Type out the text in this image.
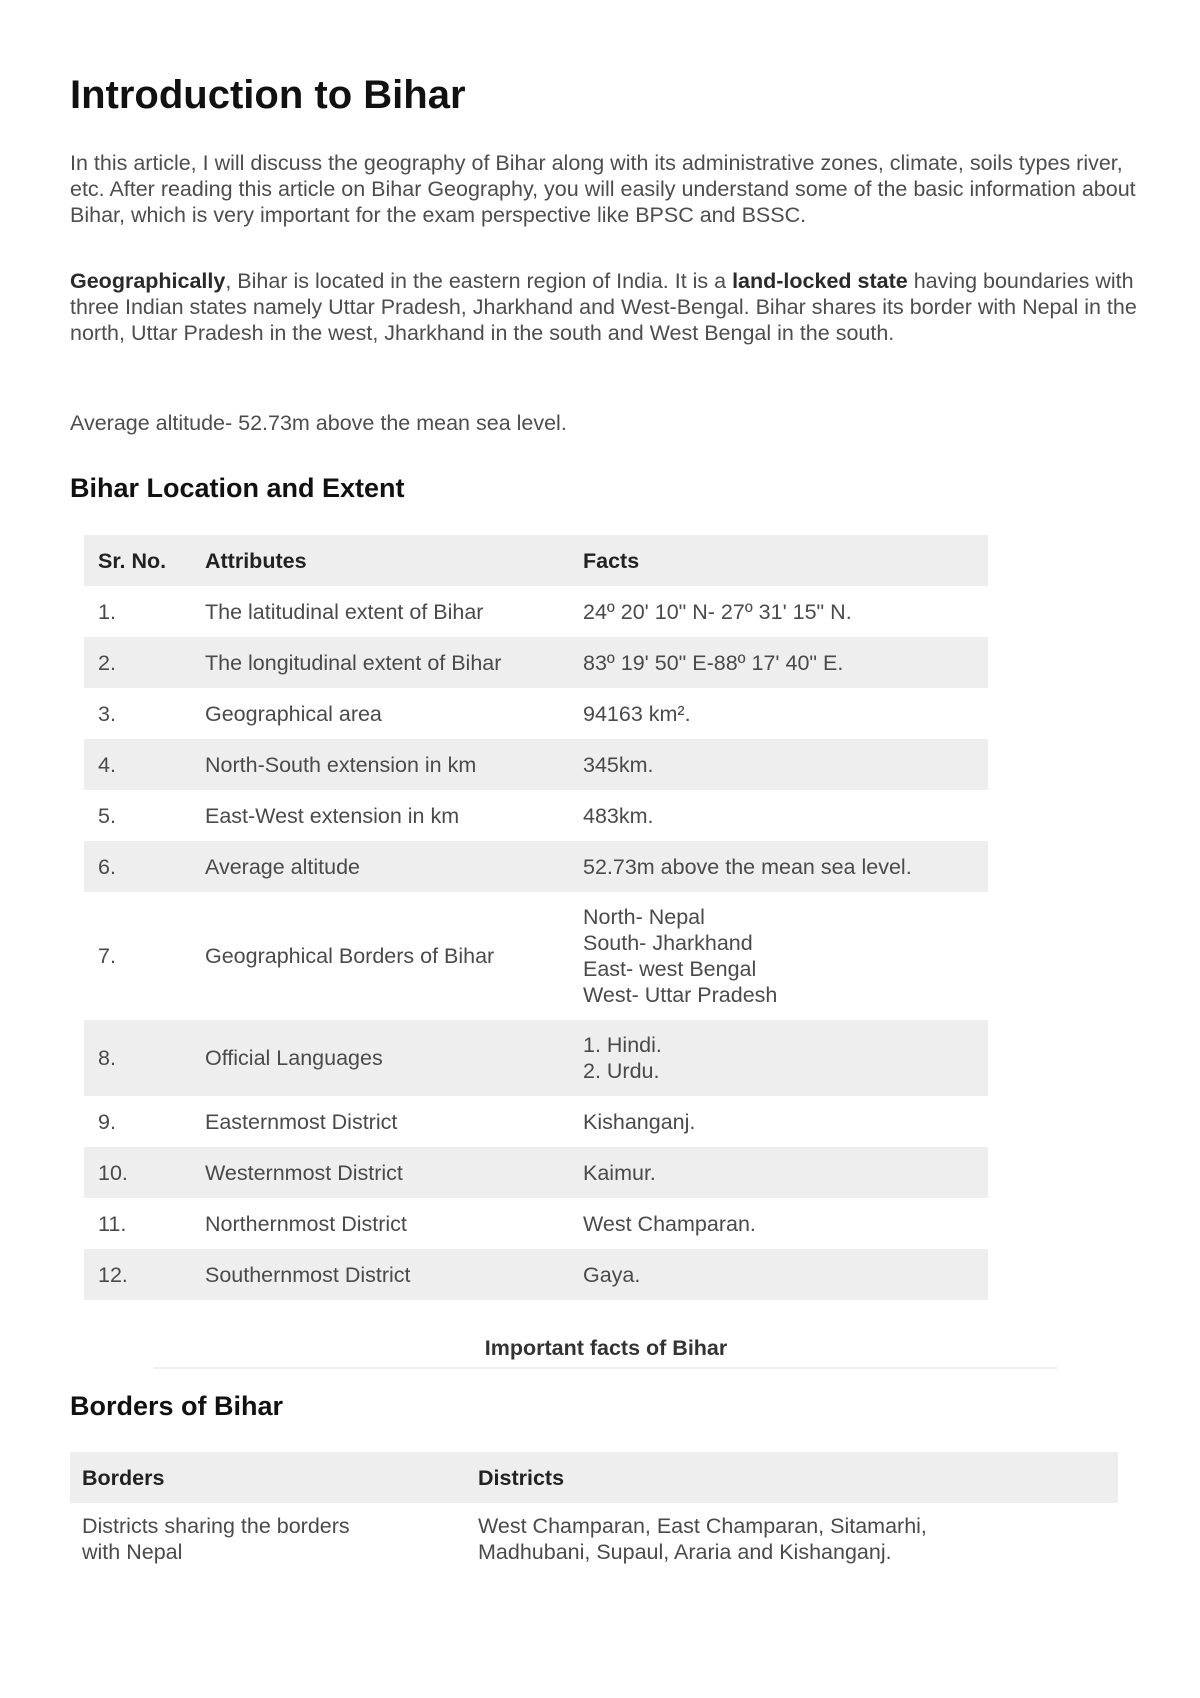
Introduction to Bihar

In this article, I will discuss the geography of Bihar along with its administrative zones, climate, soils types river, etc. After reading this article on Bihar Geography, you will easily understand some of the basic information about Bihar, which is very important for the exam perspective like BPSC and BSSC.

Geographically, Bihar is located in the eastern region of India. It is a land-locked state having boundaries with three Indian states namely Uttar Pradesh, Jharkhand and West-Bengal. Bihar shares its border with Nepal in the north, Uttar Pradesh in the west, Jharkhand in the south and West Bengal in the south.

Average altitude- 52.73m above the mean sea level.

Bihar Location and Extent
Borders of Bihar
Sr. No.	Attributes	Facts
1.	The latitudinal extent of Bihar	24º 20' 10" N- 27º 31' 15" N.

2.	The longitudinal extent of Bihar	83º 19' 50" E-88º 17' 40" E.

3.	Geographical area	94163 km².

4.	North-South extension in km	345km.

5.	East-West extension in km	483km.

6.	Average altitude	52.73m above the mean sea level.

7.	Geographical Borders of Bihar	North- Nepal
South- Jharkhand
East- west Bengal
West- Uttar Pradesh

8.	Official Languages	1. Hindi.
2. Urdu.

9.	Easternmost District	Kishanganj.

10.	Westernmost District	Kaimur.

11.	Northernmost District	West Champaran.

12.	Southernmost District	Gaya.
Important facts of Bihar
Borders	Districts

Districts sharing the borders
with Nepal	West Champaran, East Champaran, Sitamarhi,
Madhubani, Supaul, Araria and Kishanganj.
